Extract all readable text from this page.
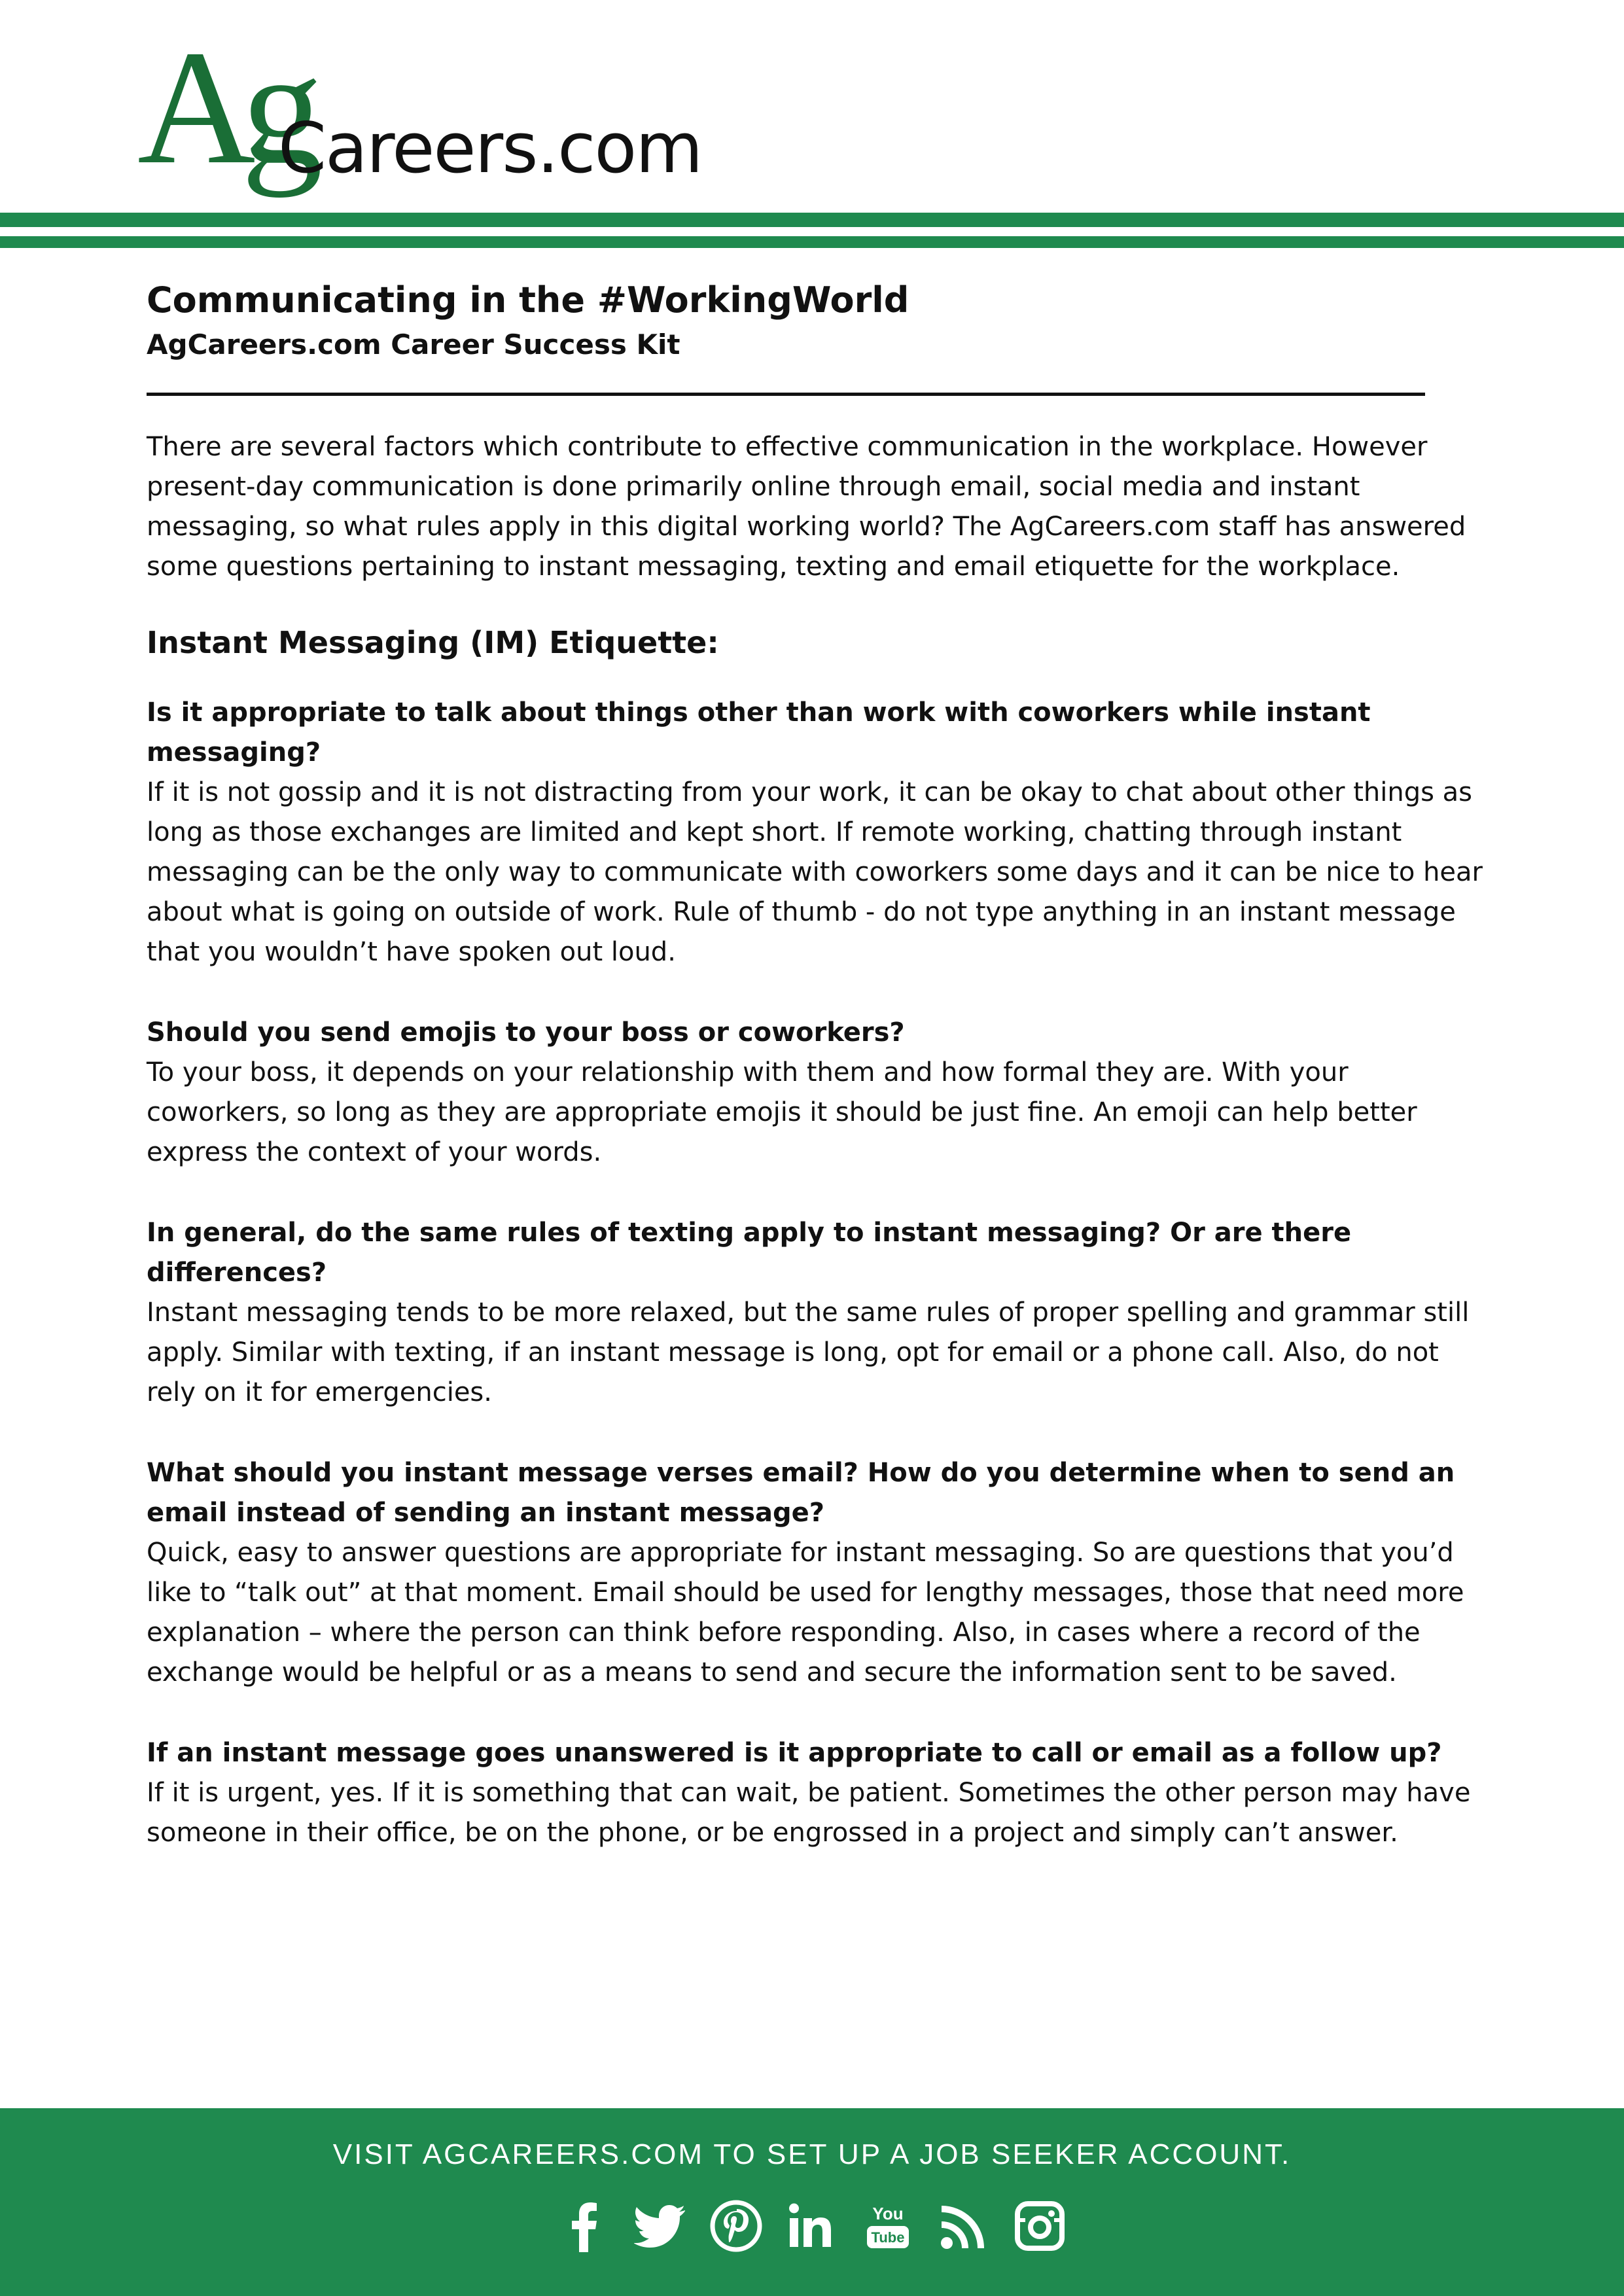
Ag
Careers.com
Communicating in the #WorkingWorld
AgCareers.com Career Success Kit

There are several factors which contribute to effective communication in the workplace. However present-day communication is done primarily online through email, social media and instant messaging, so what rules apply in this digital working world? The AgCareers.com staff has answered some questions pertaining to instant messaging, texting and email etiquette for the workplace.

Instant Messaging (IM) Etiquette:
Is it appropriate to talk about things other than work with coworkers while instant messaging?

If it is not gossip and it is not distracting from your work, it can be okay to chat about other things as long as those exchanges are limited and kept short. If remote working, chatting through instant messaging can be the only way to communicate with coworkers some days and it can be nice to hear about what is going on outside of work. Rule of thumb - do not type anything in an instant message that you wouldn’t have spoken out loud.

Should you send emojis to your boss or coworkers?

To your boss, it depends on your relationship with them and how formal they are. With your coworkers, so long as they are appropriate emojis it should be just fine. An emoji can help better express the context of your words.

In general, do the same rules of texting apply to instant messaging? Or are there differences?

Instant messaging tends to be more relaxed, but the same rules of proper spelling and grammar still apply. Similar with texting, if an instant message is long, opt for email or a phone call. Also, do not rely on it for emergencies.

What should you instant message verses email? How do you determine when to send an email instead of sending an instant message?

Quick, easy to answer questions are appropriate for instant messaging. So are questions that you’d like to “talk out” at that moment. Email should be used for lengthy messages, those that need more explanation – where the person can think before responding. Also, in cases where a record of the exchange would be helpful or as a means to send and secure the information sent to be saved.

If an instant message goes unanswered is it appropriate to call or email as a follow up?

If it is urgent, yes. If it is something that can wait, be patient. Sometimes the other person may have someone in their office, be on the phone, or be engrossed in a project and simply can’t answer.

VISIT AGCAREERS.COM TO SET UP A JOB SEEKER ACCOUNT.
You
Tube
